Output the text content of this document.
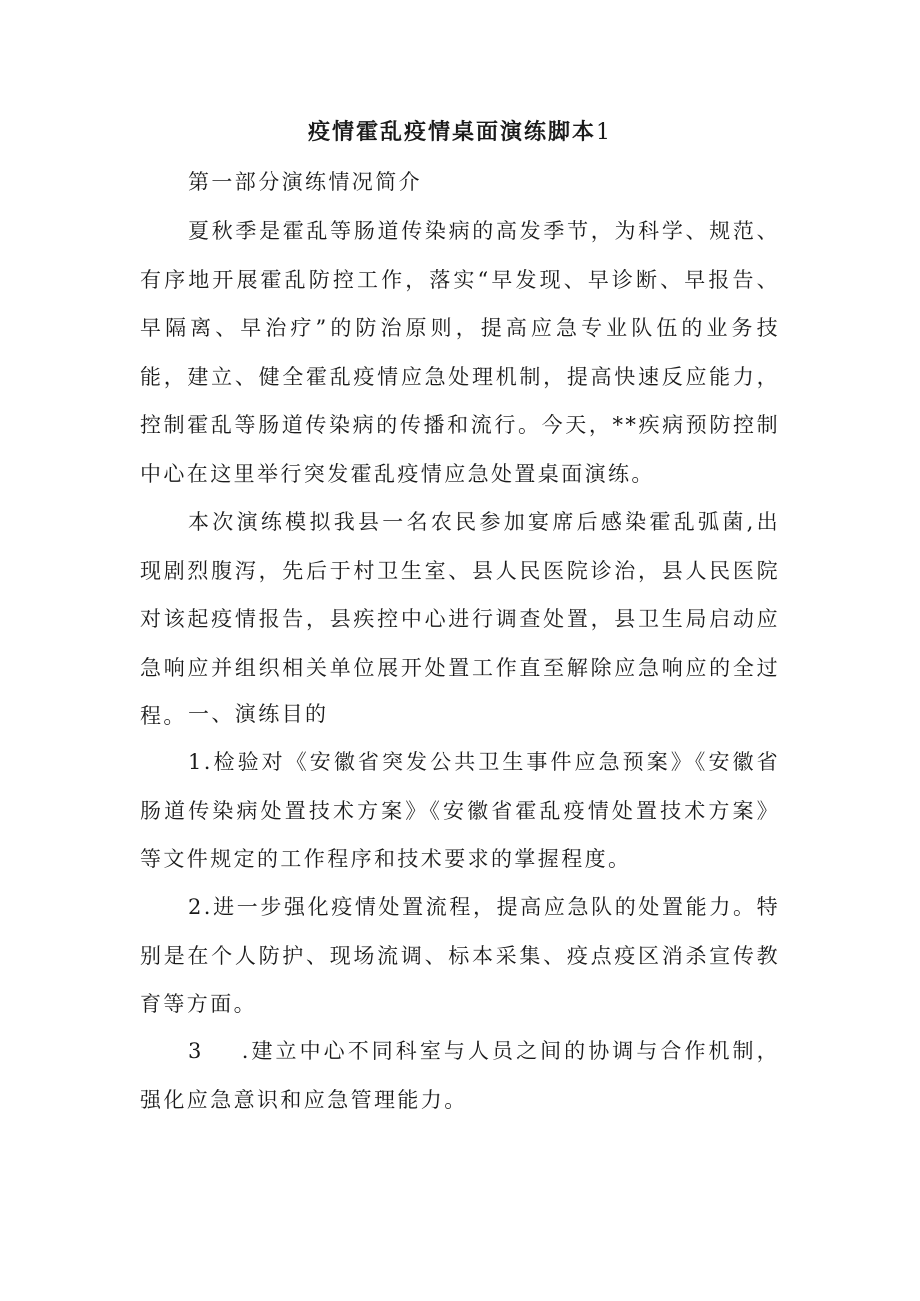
疫情霍乱疫情桌面演练脚本1
第一部分演练情况简介
夏秋季是霍乱等肠道传染病的高发季节，为科学、规范、有序地开展霍乱防控工作，落实“早发现、早诊断、早报告、早隔离、早治疗”的防治原则，提高应急专业队伍的业务技能，建立、健全霍乱疫情应急处理机制，提高快速反应能力，控制霍乱等肠道传染病的传播和流行。今天，**疾病预防控制中心在这里举行突发霍乱疫情应急处置桌面演练。
本次演练模拟我县一名农民参加宴席后感染霍乱弧菌,出现剧烈腹泻，先后于村卫生室、县人民医院诊治，县人民医院对该起疫情报告，县疾控中心进行调查处置，县卫生局启动应急响应并组织相关单位展开处置工作直至解除应急响应的全过程。 一、演练目的
1.检验对《安徽省突发公共卫生事件应急预案》《安徽省肠道传染病处置技术方案》《安徽省霍乱疫情处置技术方案》等文件规定的工作程序和技术要求的掌握程度。
2.进一步强化疫情处置流程，提高应急队的处置能力。特别是在个人防护、现场流调、标本采集、疫点疫区消杀宣传教育等方面。
3 .建立中心不同科室与人员之间的协调与合作机制，强化应急意识和应急管理能力。
